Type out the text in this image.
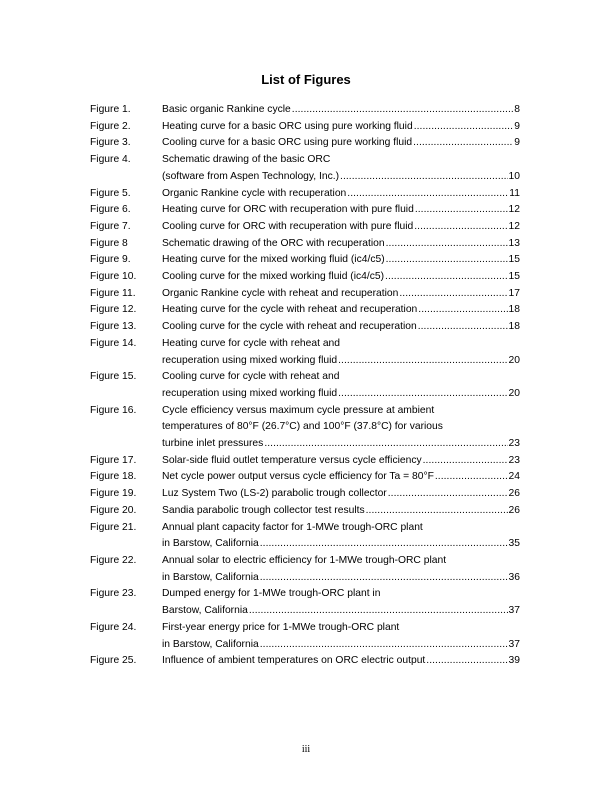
List of Figures
Figure 1.	Basic organic Rankine cycle . . .	8
Figure 2.	Heating curve for a basic ORC using pure working fluid . . .	9
Figure 3.	Cooling curve for a basic ORC using pure working fluid . . .	9
Figure 4.	Schematic drawing of the basic ORC
(software from Aspen Technology, Inc.) . . .	10
Figure 5.	Organic Rankine cycle with recuperation . . .	11
Figure 6.	Heating curve for ORC with recuperation with pure fluid . . .	12
Figure 7.	Cooling curve for ORC with recuperation with pure fluid . . .	12
Figure 8	Schematic drawing of the ORC with recuperation . . .	13
Figure 9.	Heating curve for the mixed working fluid (ic4/c5) . . .	15
Figure 10.	Cooling curve for the mixed working fluid (ic4/c5) . . .	15
Figure 11.	Organic Rankine cycle with reheat and recuperation . . .	17
Figure 12.	Heating curve for the cycle with reheat and recuperation . . .	18
Figure 13.	Cooling curve for the cycle with reheat and recuperation . . .	18
Figure 14.	Heating curve for cycle with reheat and
recuperation using mixed working fluid . . .	20
Figure 15.	Cooling curve for cycle with reheat and
recuperation using mixed working fluid . . .	20
Figure 16.	Cycle efficiency versus maximum cycle pressure at ambient
temperatures of 80°F (26.7°C) and 100°F (37.8°C) for various
turbine inlet pressures . . .	23
Figure 17.	Solar-side fluid outlet temperature versus cycle efficiency . . .	23
Figure 18.	Net cycle power output versus cycle efficiency for Ta = 80°F . . .	24
Figure 19.	Luz System Two (LS-2) parabolic trough collector . . .	26
Figure 20.	Sandia parabolic trough collector test results . . .	26
Figure 21.	Annual plant capacity factor for 1-MWe trough-ORC plant
in Barstow, California . . .	35
Figure 22.	Annual solar to electric efficiency for 1-MWe trough-ORC plant
in Barstow, California . . .	36
Figure 23.	Dumped energy for 1-MWe trough-ORC plant in
Barstow, California . . .	37
Figure 24.	First-year energy price for 1-MWe trough-ORC plant
in Barstow, California . . .	37
Figure 25.	Influence of ambient temperatures on ORC electric output . . .	39
iii
